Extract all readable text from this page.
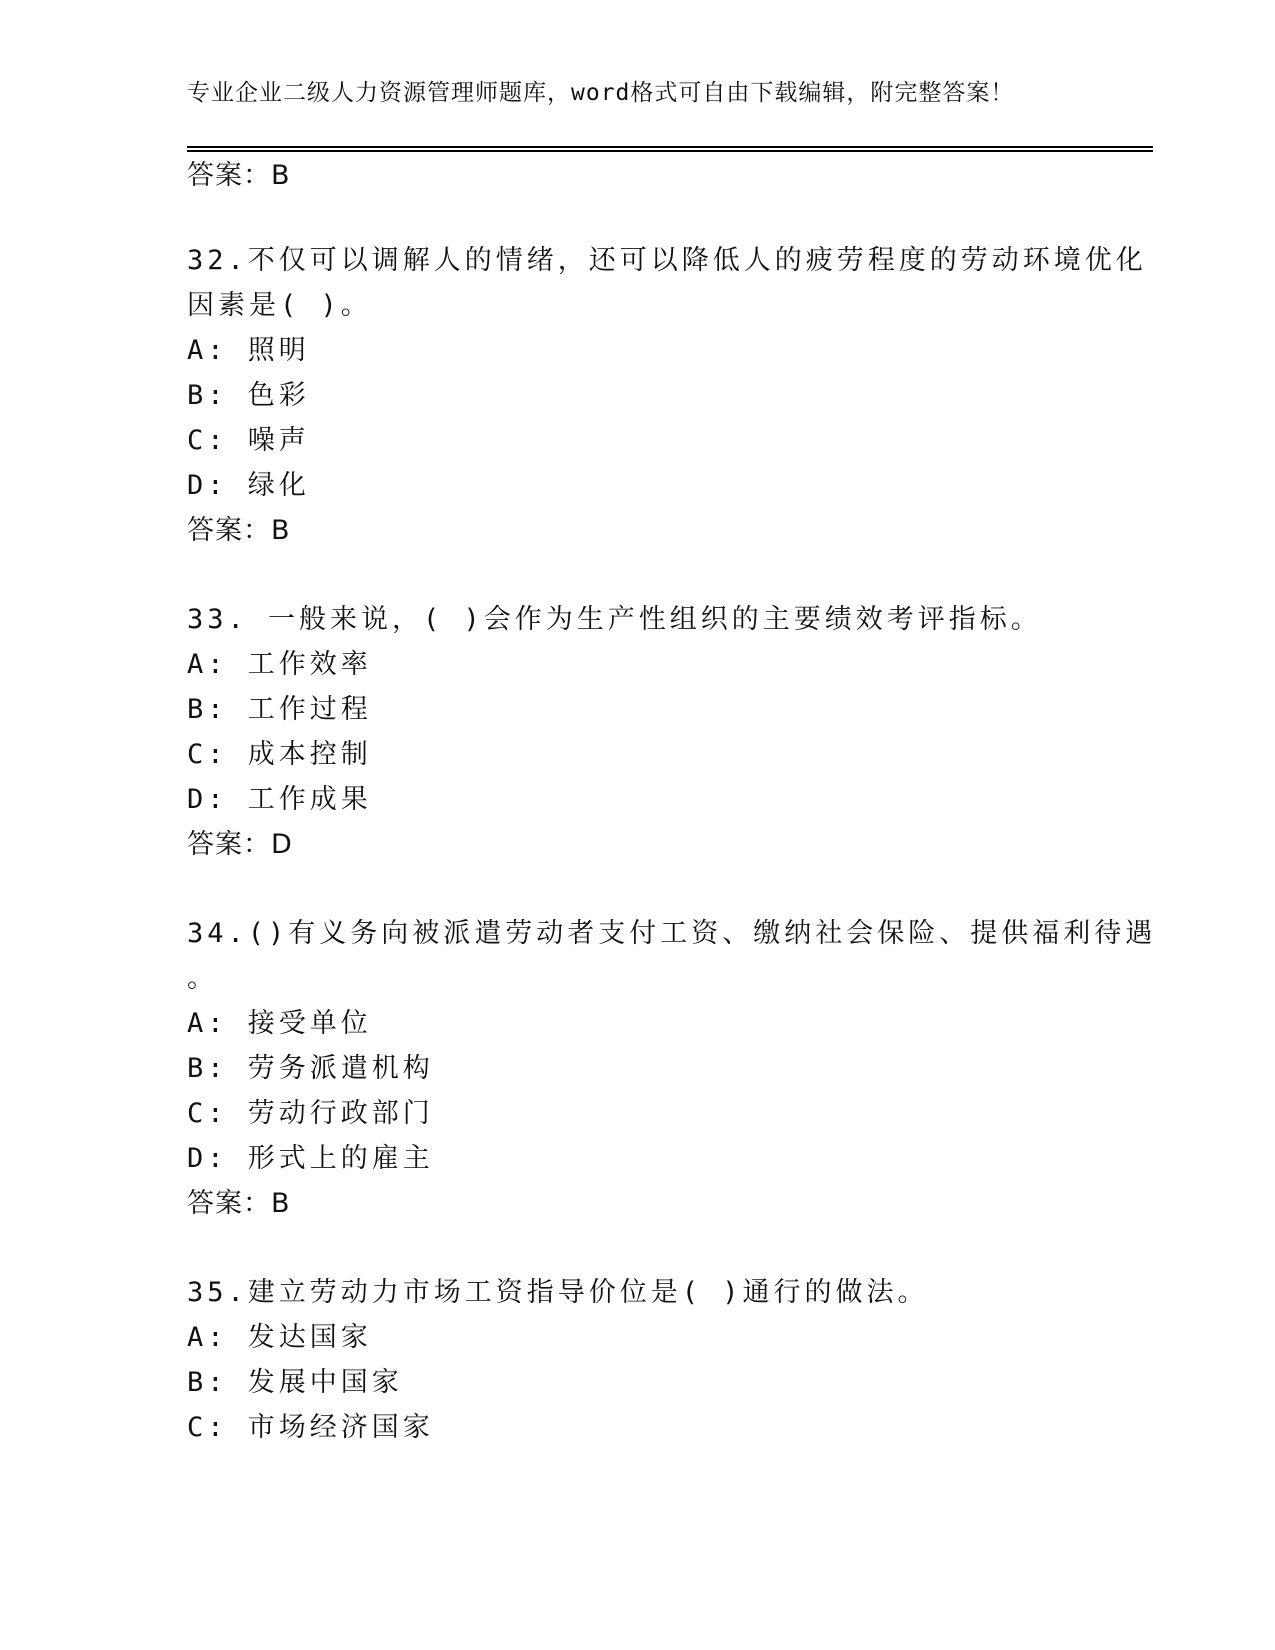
专业企业二级人力资源管理师题库，word格式可自由下载编辑，附完整答案！
答案：B
32.不仅可以调解人的情绪，还可以降低人的疲劳程度的劳动环境优化
因素是( )。
A: 照明
B: 色彩
C: 噪声
D: 绿化
答案：B
33. 一般来说，( )会作为生产性组织的主要绩效考评指标。
A: 工作效率
B: 工作过程
C: 成本控制
D: 工作成果
答案：D
34.()有义务向被派遣劳动者支付工资、缴纳社会保险、提供福利待遇
。
A: 接受单位
B: 劳务派遣机构
C: 劳动行政部门
D: 形式上的雇主
答案：B
35.建立劳动力市场工资指导价位是( )通行的做法。
A: 发达国家
B: 发展中国家
C: 市场经济国家
